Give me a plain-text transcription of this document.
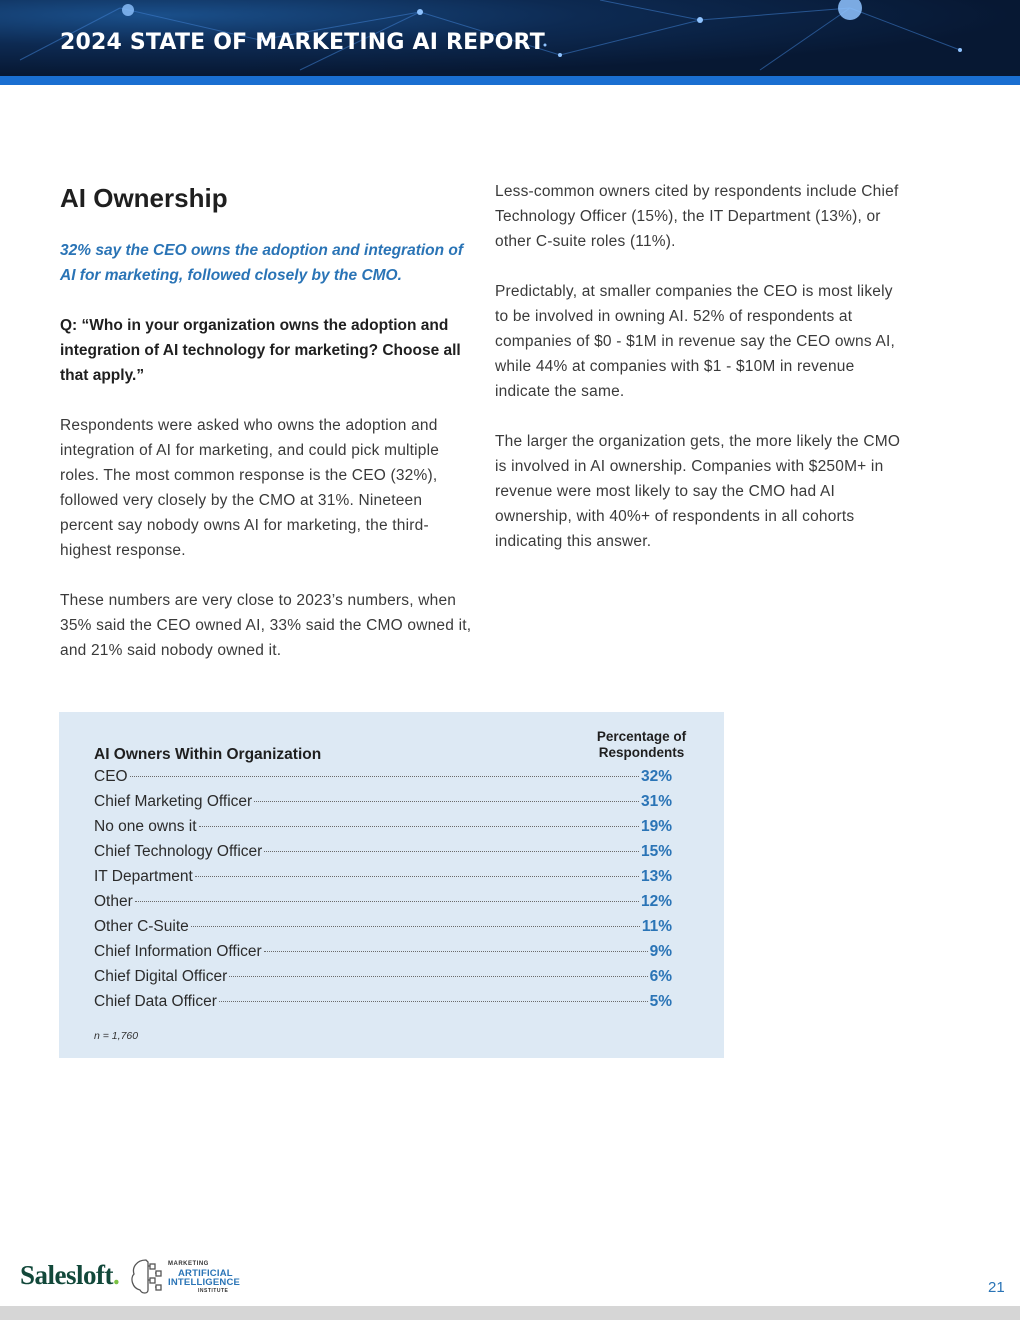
2024 STATE OF MARKETING AI REPORT
AI Ownership

32% say the CEO owns the adoption and integration of AI for marketing, followed closely by the CMO.

Q: “Who in your organization owns the adoption and integration of AI technology for marketing? Choose all that apply.”

Respondents were asked who owns the adoption and integration of AI for marketing, and could pick multiple roles. The most common response is the CEO (32%), followed very closely by the CMO at 31%. Nineteen percent say nobody owns AI for marketing, the third-highest response.

These numbers are very close to 2023’s numbers, when 35% said the CEO owned AI, 33% said the CMO owned it, and 21% said nobody owned it.

Less-common owners cited by respondents include Chief Technology Officer (15%), the IT Department (13%), or other C-suite roles (11%).

Predictably, at smaller companies the CEO is most likely to be involved in owning AI. 52% of respondents at companies of $0 - $1M in revenue say the CEO owns AI, while 44% at companies with $1 - $10M in revenue indicate the same.

The larger the organization gets, the more likely the CMO is involved in AI ownership. Companies with $250M+ in revenue were most likely to say the CMO had AI ownership, with 40%+ of respondents in all cohorts indicating this answer.

AI Owners Within Organization
Percentage of Respondents
CEO	32%
Chief Marketing Officer	31%
No one owns it	19%
Chief Technology Officer	15%
IT Department	13%
Other	12%
Other C-Suite	11%
Chief Information Officer	9%
Chief Digital Officer	6%
Chief Data Officer	5%
n = 1,760
Salesloft.	MARKETING
ARTIFICIAL
INTELLIGENCE
INSTITUTE	21
